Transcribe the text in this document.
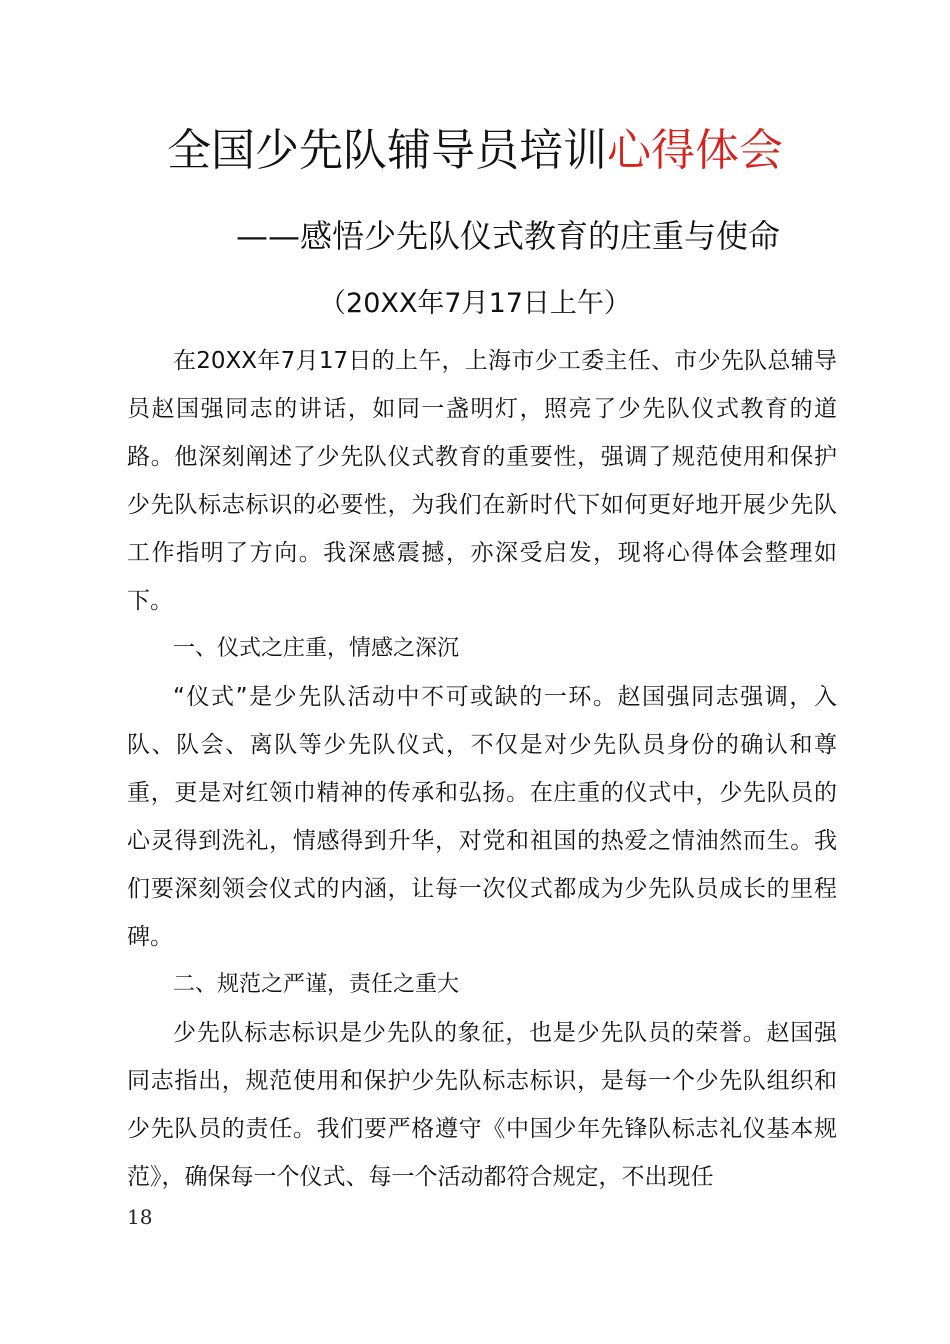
全国少先队辅导员培训心得体会
——感悟少先队仪式教育的庄重与使命
（20XX年7月17日上午）

在20XX年7月17日的上午，上海市少工委主任、市少先队总辅导员赵国强同志的讲话，如同一盏明灯，照亮了少先队仪式教育的道路。他深刻阐述了少先队仪式教育的重要性，强调了规范使用和保护少先队标志标识的必要性，为我们在新时代下如何更好地开展少先队工作指明了方向。我深感震撼，亦深受启发，现将心得体会整理如下。

一、仪式之庄重，情感之深沉

“仪式”是少先队活动中不可或缺的一环。赵国强同志强调，入队、队会、离队等少先队仪式，不仅是对少先队员身份的确认和尊重，更是对红领巾精神的传承和弘扬。在庄重的仪式中，少先队员的心灵得到洗礼，情感得到升华，对党和祖国的热爱之情油然而生。我们要深刻领会仪式的内涵，让每一次仪式都成为少先队员成长的里程碑。

二、规范之严谨，责任之重大

少先队标志标识是少先队的象征，也是少先队员的荣誉。赵国强同志指出，规范使用和保护少先队标志标识，是每一个少先队组织和少先队员的责任。我们要严格遵守《中国少年先锋队标志礼仪基本规范》，确保每一个仪式、每一个活动都符合规定，不出现任

18
